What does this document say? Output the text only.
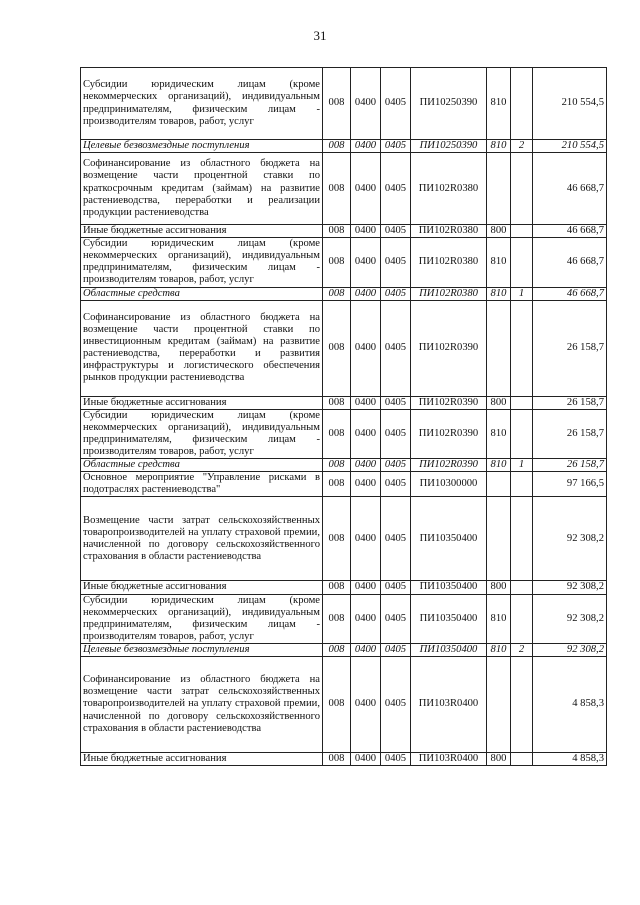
31
Субсидии юридическим лицам (кроме некоммерческих организаций), индивидуальным предпринимателям, физическим лицам - производителям товаров, работ, услуг	008	0400	0405	ПИ10250390	810		210 554,5
Целевые безвозмездные поступления	008	0400	0405	ПИ10250390	810	2	210 554,5
Софинансирование из областного бюджета на возмещение части процентной ставки по краткосрочным кредитам (займам) на развитие растениеводства, переработки и реализации продукции растениеводства	008	0400	0405	ПИ102R0380			46 668,7
Иные бюджетные ассигнования	008	0400	0405	ПИ102R0380	800		46 668,7
Субсидии юридическим лицам (кроме некоммерческих организаций), индивидуальным предпринимателям, физическим лицам - производителям товаров, работ, услуг	008	0400	0405	ПИ102R0380	810		46 668,7
Областные средства	008	0400	0405	ПИ102R0380	810	1	46 668,7
Софинансирование из областного бюджета на возмещение части процентной ставки по инвестиционным кредитам (займам) на развитие растениеводства, переработки и развития инфраструктуры и логистического обеспечения рынков продукции растениеводства	008	0400	0405	ПИ102R0390			26 158,7
Иные бюджетные ассигнования	008	0400	0405	ПИ102R0390	800		26 158,7
Субсидии юридическим лицам (кроме некоммерческих организаций), индивидуальным предпринимателям, физическим лицам - производителям товаров, работ, услуг	008	0400	0405	ПИ102R0390	810		26 158,7
Областные средства	008	0400	0405	ПИ102R0390	810	1	26 158,7
Основное мероприятие "Управление рисками в подотраслях растениеводства"	008	0400	0405	ПИ10300000			97 166,5
Возмещение части затрат сельскохозяйственных товаропроизводителей на уплату страховой премии, начисленной по договору сельскохозяйственного страхования в области растениеводства	008	0400	0405	ПИ10350400			92 308,2
Иные бюджетные ассигнования	008	0400	0405	ПИ10350400	800		92 308,2
Субсидии юридическим лицам (кроме некоммерческих организаций), индивидуальным предпринимателям, физическим лицам - производителям товаров, работ, услуг	008	0400	0405	ПИ10350400	810		92 308,2
Целевые безвозмездные поступления	008	0400	0405	ПИ10350400	810	2	92 308,2
Софинансирование из областного бюджета на возмещение части затрат сельскохозяйственных товаропроизводителей на уплату страховой премии, начисленной по договору сельскохозяйственного страхования в области растениеводства	008	0400	0405	ПИ103R0400			4 858,3
Иные бюджетные ассигнования	008	0400	0405	ПИ103R0400	800		4 858,3
